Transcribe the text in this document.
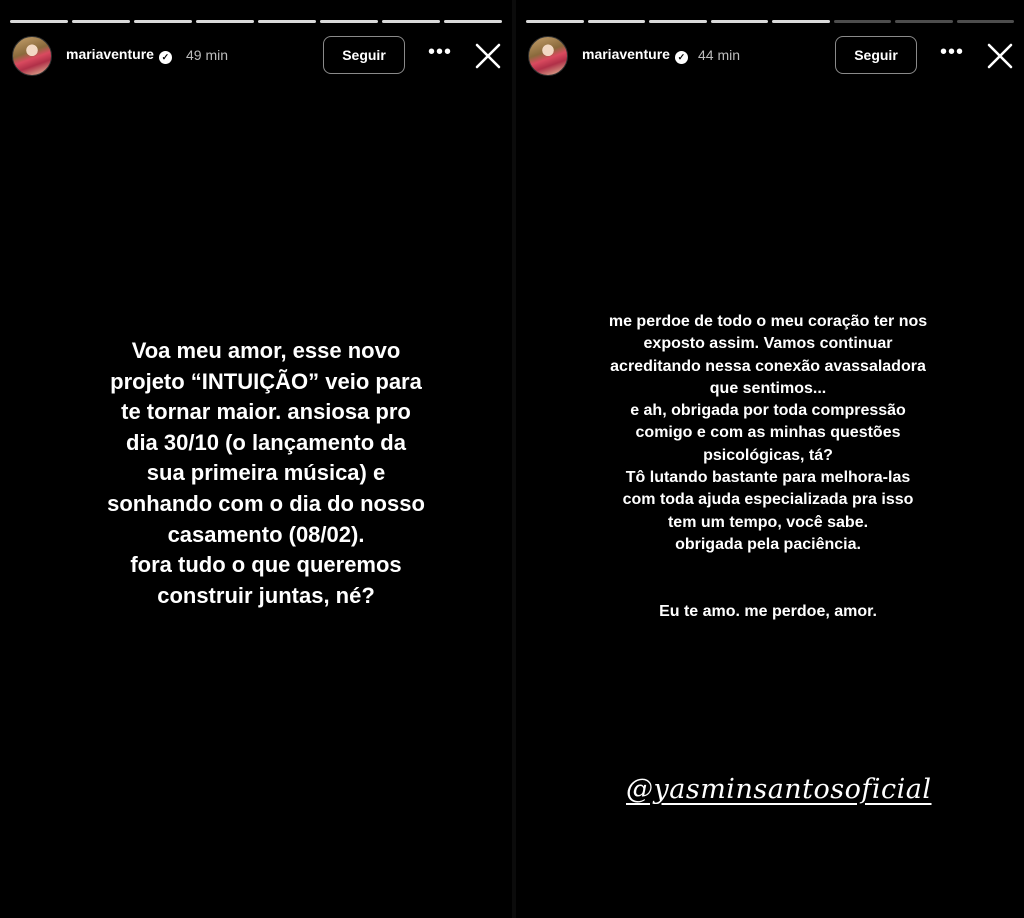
mariaventure ✓ 49 min	Seguir	•••
Voa meu amor, esse novo
projeto “INTUIÇÃO” veio para
te tornar maior. ansiosa pro
dia 30/10 (o lançamento da
sua primeira música) e
sonhando com o dia do nosso
casamento (08/02).
fora tudo o que queremos
construir juntas, né?
mariaventure ✓ 44 min	Seguir	•••
me perdoe de todo o meu coração ter nos
exposto assim. Vamos continuar
acreditando nessa conexão avassaladora
que sentimos...
e ah, obrigada por toda compressão
comigo e com as minhas questões
psicológicas, tá?
Tô lutando bastante para melhora-las
com toda ajuda especializada pra isso
tem um tempo, você sabe.
obrigada pela paciência.
Eu te amo. me perdoe, amor.
@yasminsantosoficial
